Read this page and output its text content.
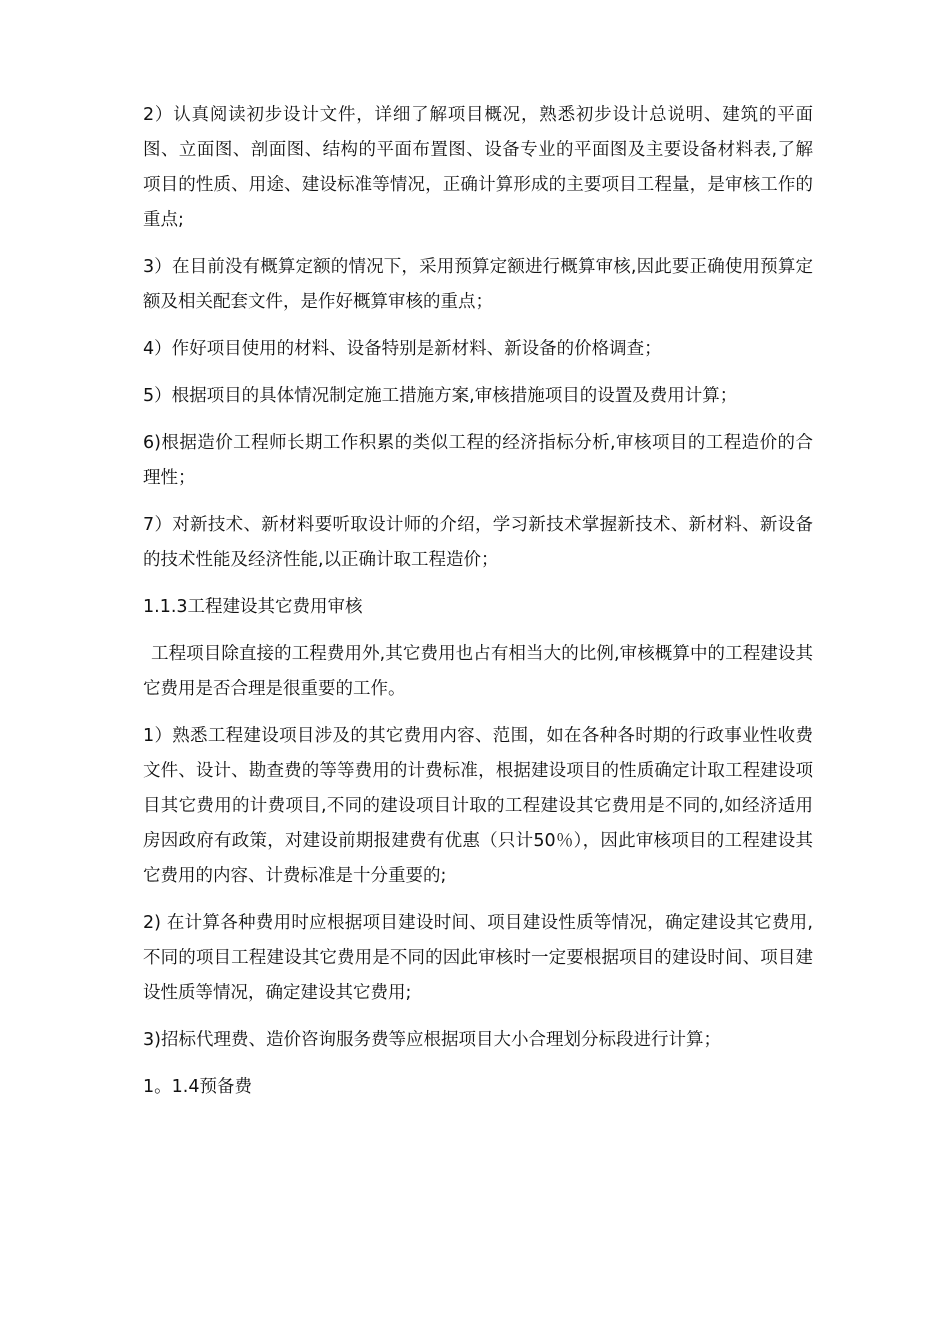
2）认真阅读初步设计文件，详细了解项目概况，熟悉初步设计总说明、建筑的平面图、立面图、剖面图、结构的平面布置图、设备专业的平面图及主要设备材料表,了解项目的性质、用途、建设标准等情况，正确计算形成的主要项目工程量，是审核工作的重点;

3）在目前没有概算定额的情况下，采用预算定额进行概算审核,因此要正确使用预算定额及相关配套文件，是作好概算审核的重点；

4）作好项目使用的材料、设备特别是新材料、新设备的价格调查；

5）根据项目的具体情况制定施工措施方案,审核措施项目的设置及费用计算；

6)根据造价工程师长期工作积累的类似工程的经济指标分析,审核项目的工程造价的合理性；

7）对新技术、新材料要听取设计师的介绍，学习新技术掌握新技术、新材料、新设备的技术性能及经济性能,以正确计取工程造价；

1.1.3工程建设其它费用审核

工程项目除直接的工程费用外,其它费用也占有相当大的比例,审核概算中的工程建设其它费用是否合理是很重要的工作。

1）熟悉工程建设项目涉及的其它费用内容、范围，如在各种各时期的行政事业性收费文件、设计、勘查费的等等费用的计费标准，根据建设项目的性质确定计取工程建设项目其它费用的计费项目,不同的建设项目计取的工程建设其它费用是不同的,如经济适用房因政府有政策，对建设前期报建费有优惠（只计50％），因此审核项目的工程建设其它费用的内容、计费标准是十分重要的;

2) 在计算各种费用时应根据项目建设时间、项目建设性质等情况，确定建设其它费用,不同的项目工程建设其它费用是不同的因此审核时一定要根据项目的建设时间、项目建设性质等情况，确定建设其它费用;

3)招标代理费、造价咨询服务费等应根据项目大小合理划分标段进行计算；

1。1.4预备费
